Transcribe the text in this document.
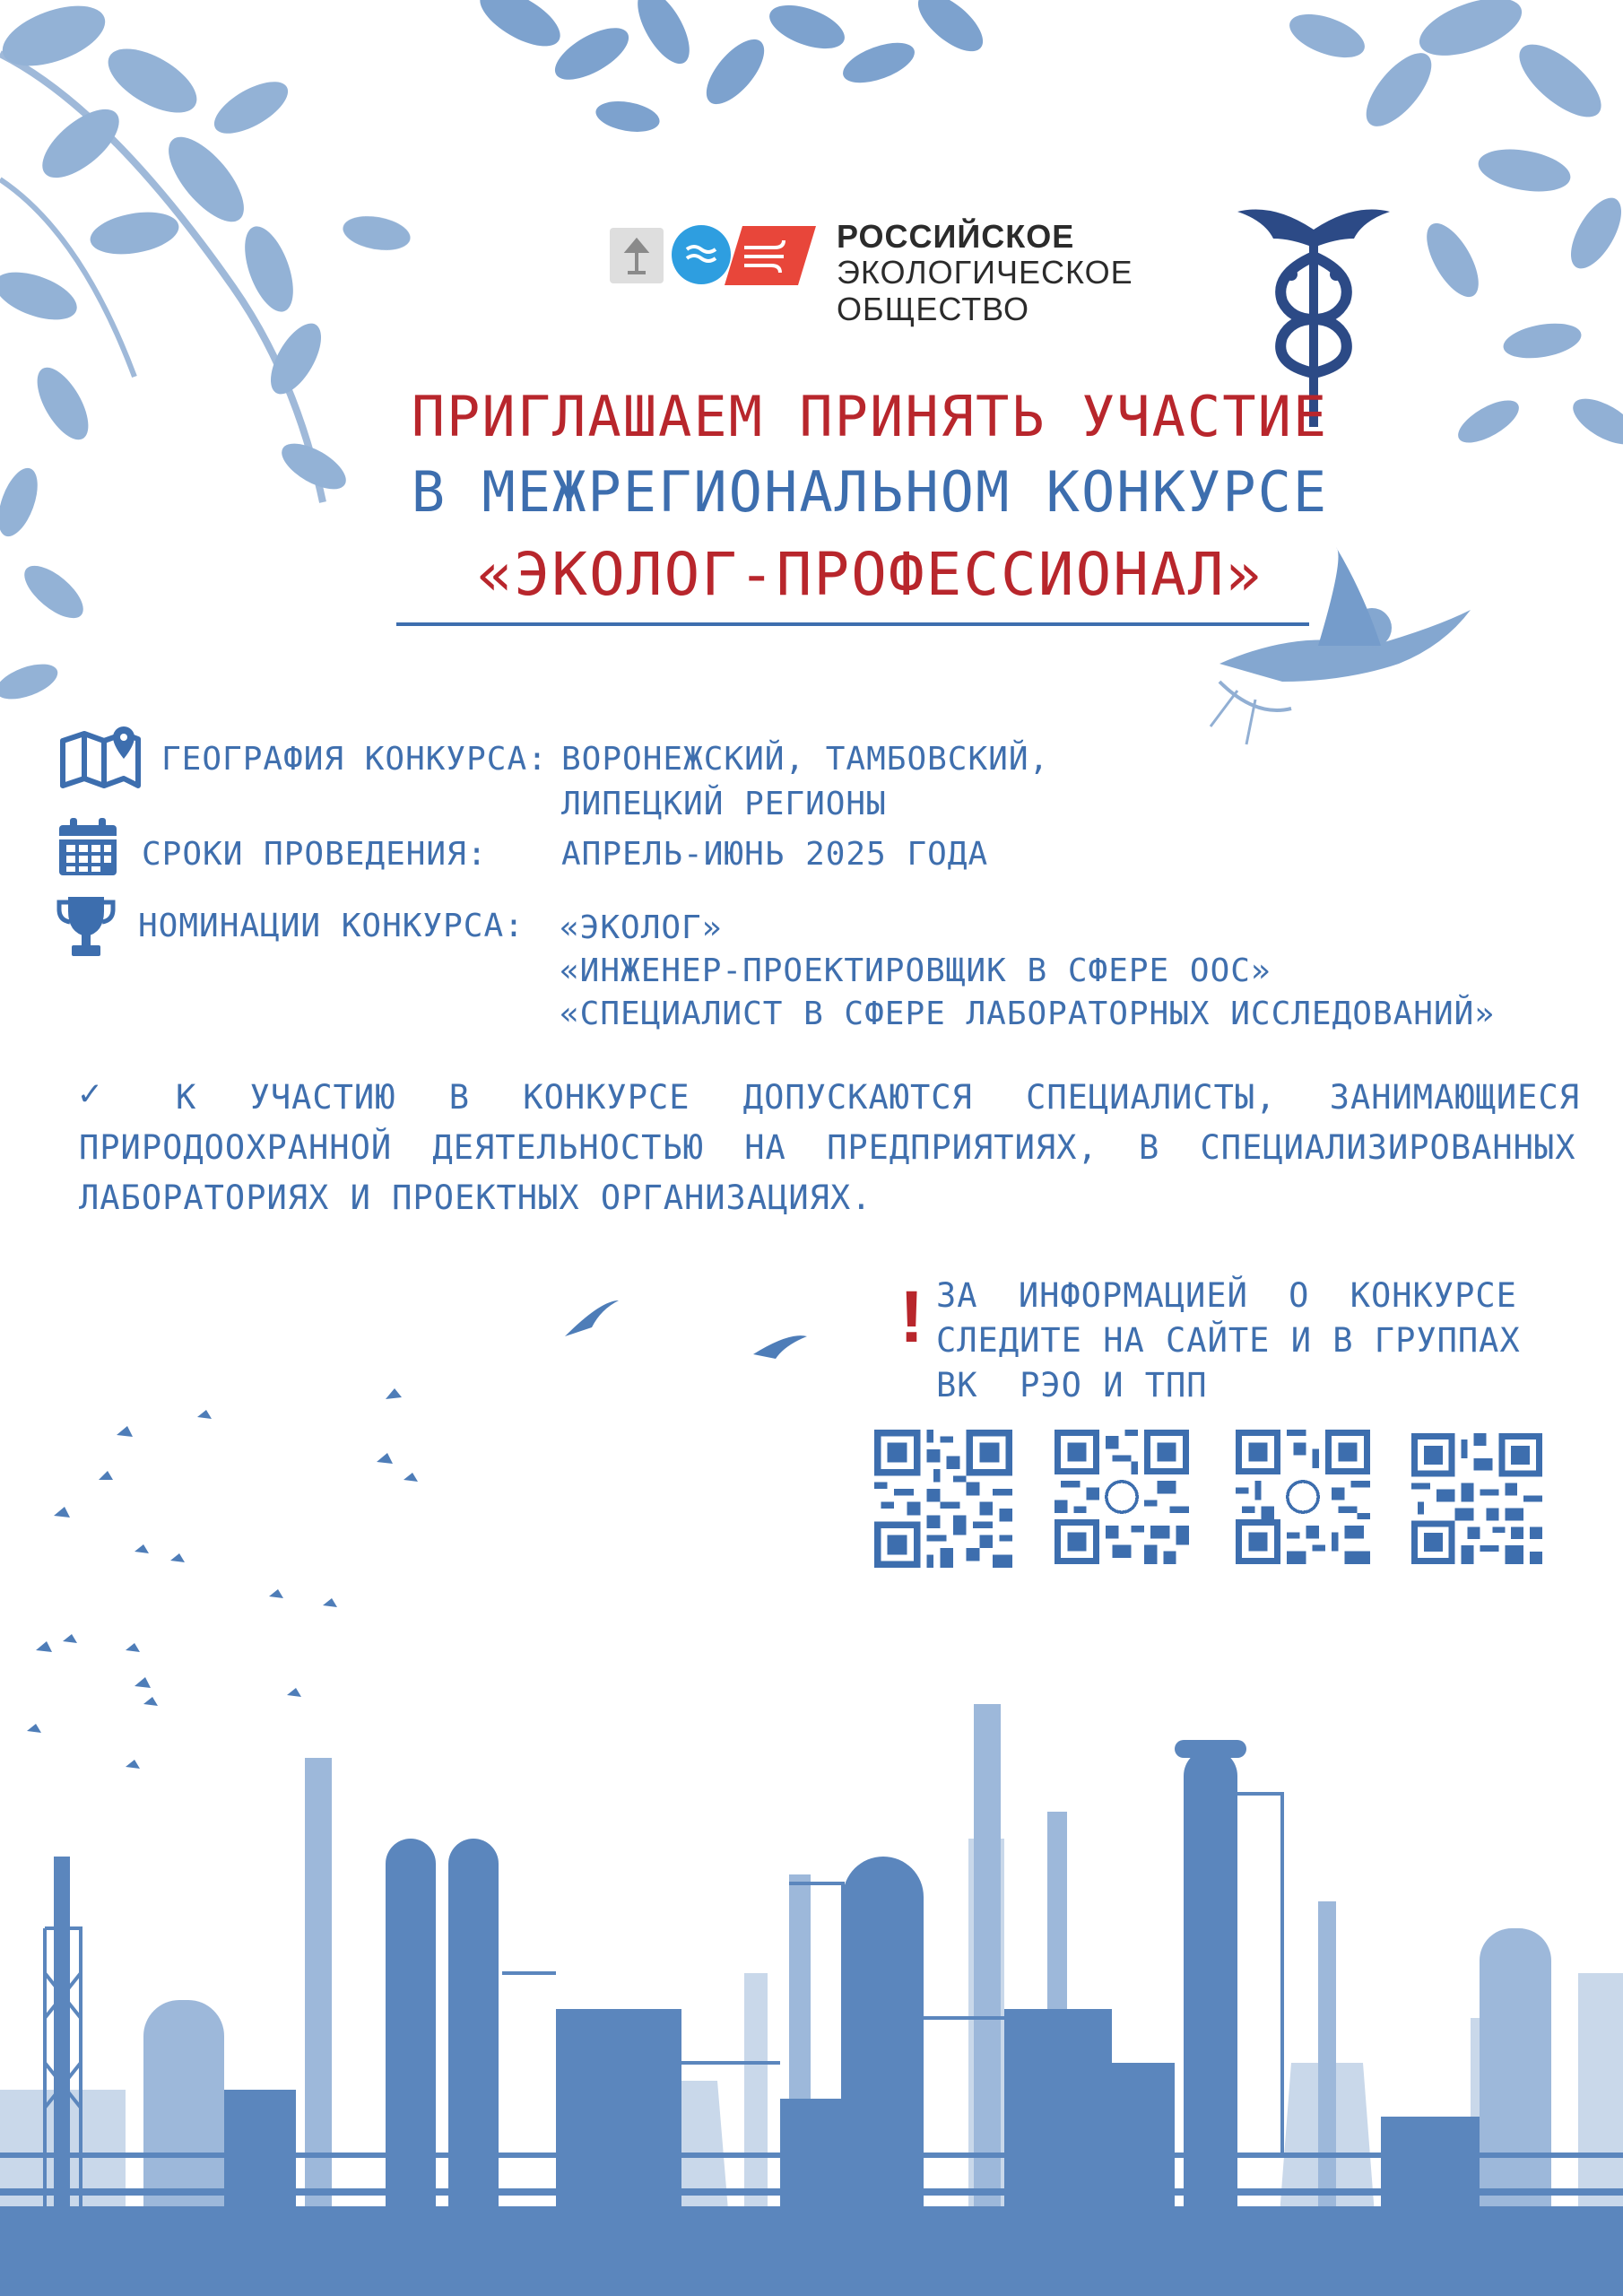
РОССИЙСКОЕ
ЭКОЛОГИЧЕСКОЕ
ОБЩЕСТВО
ПРИГЛАШАЕМ ПРИНЯТЬ УЧАСТИЕ
В МЕЖРЕГИОНАЛЬНОМ КОНКУРСЕ
«ЭКОЛОГ-ПРОФЕССИОНАЛ»
ГЕОГРАФИЯ КОНКУРСА: ВОРОНЕЖСКИЙ, ТАМБОВСКИЙ,
ЛИПЕЦКИЙ РЕГИОНЫ
СРОКИ ПРОВЕДЕНИЯ: АПРЕЛЬ-ИЮНЬ 2025 ГОДА
НОМИНАЦИИ КОНКУРСА: «ЭКОЛОГ»
«ИНЖЕНЕР-ПРОЕКТИРОВЩИК В СФЕРЕ ООС»
«СПЕЦИАЛИСТ В СФЕРЕ ЛАБОРАТОРНЫХ ИССЛЕДОВАНИЙ»
✓	К УЧАСТИЮ В КОНКУРСЕ ДОПУСКАЮТСЯ СПЕЦИАЛИСТЫ, ЗАНИМАЮЩИЕСЯ
ПРИРОДООХРАННОЙ ДЕЯТЕЛЬНОСТЬЮ НА ПРЕДПРИЯТИЯХ, В СПЕЦИАЛИЗИРОВАННЫХ
ЛАБОРАТОРИЯХ И ПРОЕКТНЫХ ОРГАНИЗАЦИЯХ.
! ЗА ИНФОРМАЦИЕЙ О КОНКУРСЕ
СЛЕДИТЕ НА САЙТЕ И В ГРУППАХ
ВК  РЭО И ТПП
